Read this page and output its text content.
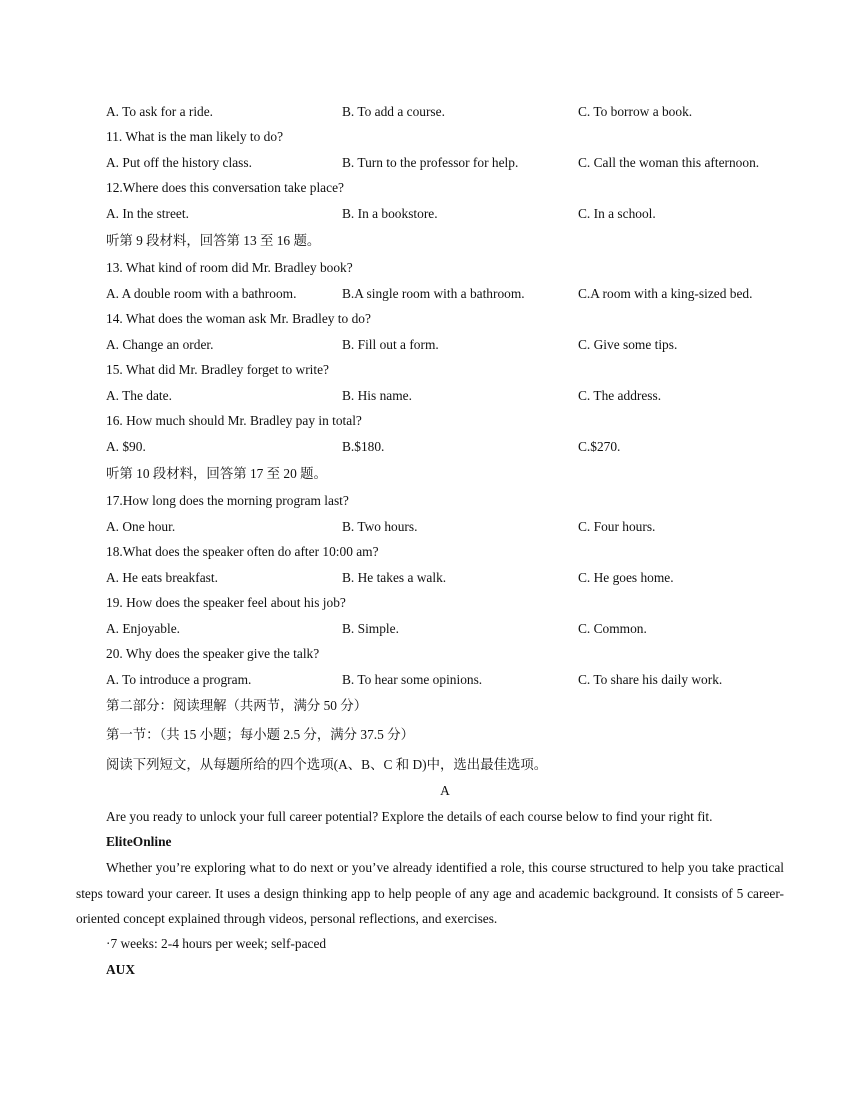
A. To ask for a ride.	B. To add a course.	C. To borrow a book.
11. What is the man likely to do?
A. Put off the history class.	B. Turn to the professor for help.	C. Call the woman this afternoon.
12.Where does this conversation take place?
A. In the street.	B. In a bookstore.	C. In a school.
听第 9 段材料，回答第 13 至 16 题。
13. What kind of room did Mr. Bradley book?
A. A double room with a bathroom.	B.A single room with a bathroom.	C.A room with a king-sized bed.
14. What does the woman ask Mr. Bradley to do?
A. Change an order.	B. Fill out a form.	C. Give some tips.
15. What did Mr. Bradley forget to write?
A. The date.	B. His name.	C. The address.
16. How much should Mr. Bradley pay in total?
A. $90.	B.$180.	C.$270.
听第 10 段材料，回答第 17 至 20 题。
17.How long does the morning program last?
A. One hour.	B. Two hours.	C. Four hours.
18.What does the speaker often do after 10:00 am?
A. He eats breakfast.	B. He takes a walk.	C. He goes home.
19. How does the speaker feel about his job?
A. Enjoyable.	B. Simple.	C. Common.
20. Why does the speaker give the talk?
A. To introduce a program.	B. To hear some opinions.	C. To share his daily work.
第二部分：阅读理解（共两节，满分 50 分）
第一节：（共 15 小题；每小题 2.5 分，满分 37.5 分）
阅读下列短文，从每题所给的四个选项(A、B、C 和 D)中，选出最佳选项。
A
Are you ready to unlock your full career potential? Explore the details of each course below to find your right fit.
EliteOnline
Whether you’re exploring what to do next or you’ve already identified a role, this course structured to help you take practical steps toward your career. It uses a design thinking app to help people of any age and academic background. It consists of 5 career-oriented concept explained through videos, personal reflections, and exercises.
·7 weeks: 2-4 hours per week; self-paced
AUX
